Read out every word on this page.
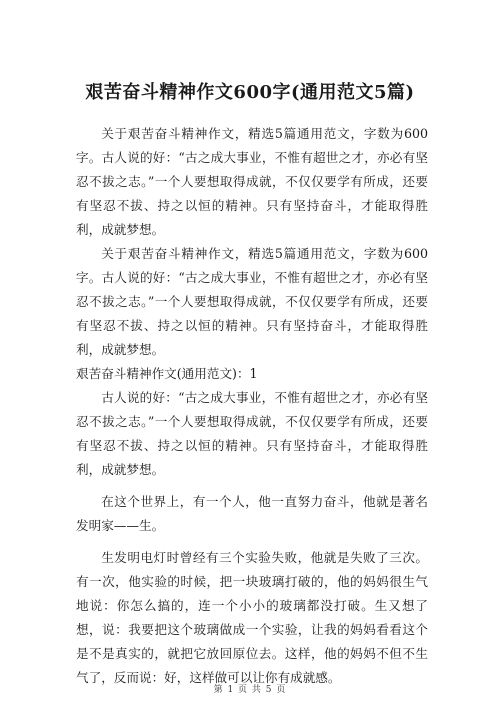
艰苦奋斗精神作文600字(通用范文5篇)

关于艰苦奋斗精神作文，精选5篇通用范文，字数为600字。古人说的好：“古之成大事业，不惟有超世之才，亦必有坚忍不拔之志。”一个人要想取得成就，不仅仅要学有所成，还要有坚忍不拔、持之以恒的精神。只有坚持奋斗，才能取得胜利，成就梦想。

关于艰苦奋斗精神作文，精选5篇通用范文，字数为600字。古人说的好：“古之成大事业，不惟有超世之才，亦必有坚忍不拔之志。”一个人要想取得成就，不仅仅要学有所成，还要有坚忍不拔、持之以恒的精神。只有坚持奋斗，才能取得胜利，成就梦想。

艰苦奋斗精神作文(通用范文)：1

古人说的好：“古之成大事业，不惟有超世之才，亦必有坚忍不拔之志。”一个人要想取得成就，不仅仅要学有所成，还要有坚忍不拔、持之以恒的精神。只有坚持奋斗，才能取得胜利，成就梦想。

在这个世界上，有一个人，他一直努力奋斗，他就是著名发明家——生。

生发明电灯时曾经有三个实验失败，他就是失败了三次。有一次，他实验的时候，把一块玻璃打破的，他的妈妈很生气地说：你怎么搞的，连一个小小的玻璃都没打破。生又想了想，说：我要把这个玻璃做成一个实验，让我的妈妈看看这个是不是真实的，就把它放回原位去。这样，他的妈妈不但不生气了，反而说：好，这样做可以让你有成就感。

第 1 页 共 5 页
